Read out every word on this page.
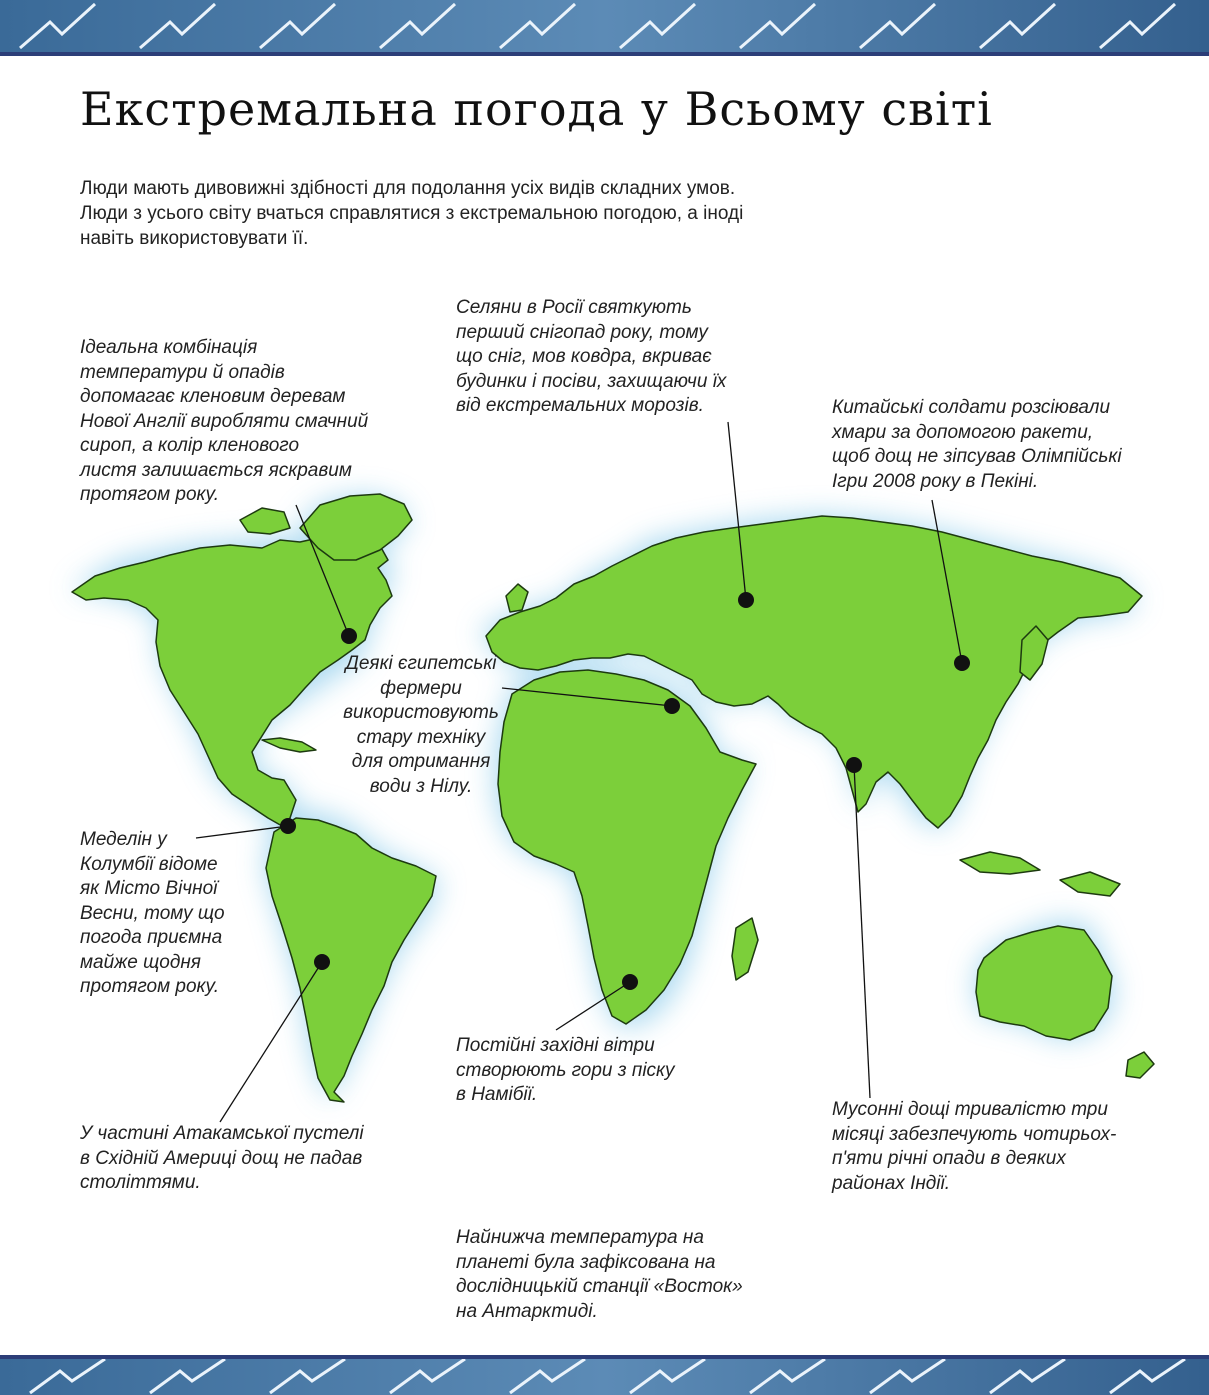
Екстремальна погода у Всьому світі
Люди мають дивовижні здібності для подолання усіх видів складних умов.
Люди з усього світу вчаться справлятися з екстремальною погодою, а іноді
навіть використовувати її.
Ідеальна комбінація
температури й опадів
допомагає кленовим деревам
Нової Англії виробляти смачний
сироп, а колір кленового
листя залишається яскравим
протягом року.
Селяни в Росії святкують
перший снігопад року, тому
що сніг, мов ковдра, вкриває
будинки і посіви, захищаючи їх
від екстремальних морозів.	Китайські солдати розсіювали
хмари за допомогою ракети,
щоб дощ не зіпсував Олімпійські
Ігри 2008 року в Пекіні.
Деякі єгипетські
фермери
використовують
стару техніку
для отримання
води з Нілу.
Меделін у
Колумбії відоме
як Місто Вічної
Весни, тому що
погода приємна
майже щодня
протягом року.
Постійні західні вітри
створюють гори з піску
в Намібії.
У частині Атакамської пустелі
в Східній Америці дощ не падав
століттями.
Мусонні дощі тривалістю три
місяці забезпечують чотирьох-
п'яти річні опади в деяких
районах Індії.
Найнижча температура на
планеті була зафіксована на
дослідницькій станції «Восток»
на Антарктиді.
